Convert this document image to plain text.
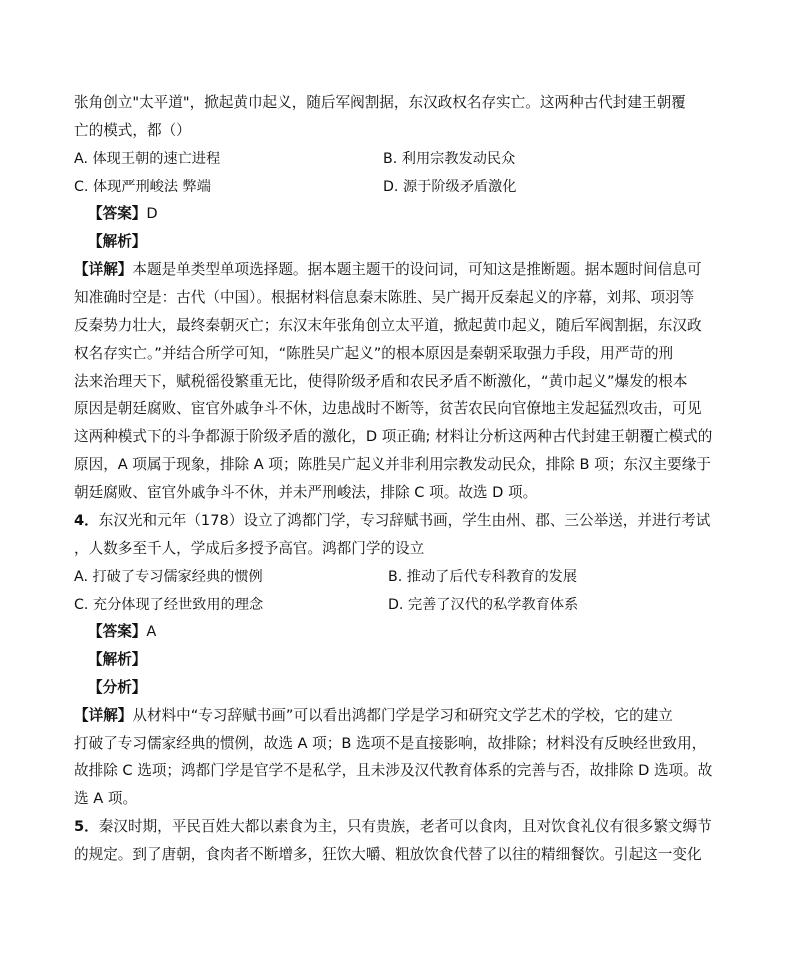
张角创立"太平道"，掀起黄巾起义，随后军阀割据，东汉政权名存实亡。这两种古代封建王朝覆
亡的模式，都（）
A. 体现王朝的速亡进程	B. 利用宗教发动民众
C. 体现严刑峻法 弊端	D. 源于阶级矛盾激化
【答案】D
【解析】
【详解】本题是单类型单项选择题。据本题主题干的设问词，可知这是推断题。据本题时间信息可
知准确时空是：古代（中国）。根据材料信息秦末陈胜、吴广揭开反秦起义的序幕，刘邦、项羽等
反秦势力壮大，最终秦朝灭亡；东汉末年张角创立太平道，掀起黄巾起义，随后军阀割据，东汉政
权名存实亡。”并结合所学可知，“陈胜吴广起义”的根本原因是秦朝采取强力手段，用严苛的刑
法来治理天下，赋税徭役繁重无比，使得阶级矛盾和农民矛盾不断激化，“黄巾起义”爆发的根本
原因是朝廷腐败、宦官外戚争斗不休，边患战时不断等，贫苦农民向官僚地主发起猛烈攻击，可见
这两种模式下的斗争都源于阶级矛盾的激化，D 项正确; 材料让分析这两种古代封建王朝覆亡模式的
原因，A 项属于现象，排除 A 项；陈胜吴广起义并非利用宗教发动民众，排除 B 项；东汉主要缘于
朝廷腐败、宦官外戚争斗不休，并未严刑峻法，排除 C 项。故选 D 项。
4．东汉光和元年（178）设立了鸿都门学，专习辞赋书画，学生由州、郡、三公举送，并进行考试
，人数多至千人，学成后多授予高官。鸿都门学的设立
A. 打破了专习儒家经典的惯例	B. 推动了后代专科教育的发展
C. 充分体现了经世致用的理念	D. 完善了汉代的私学教育体系
【答案】A
【解析】
【分析】
【详解】从材料中“专习辞赋书画”可以看出鸿都门学是学习和研究文学艺术的学校，它的建立
打破了专习儒家经典的惯例，故选 A 项；B 选项不是直接影响，故排除；材料没有反映经世致用，
故排除 C 选项；鸿都门学是官学不是私学，且未涉及汉代教育体系的完善与否，故排除 D 选项。故
选 A 项。
5．秦汉时期，平民百姓大都以素食为主，只有贵族，老者可以食肉，且对饮食礼仪有很多繁文缛节
的规定。到了唐朝，食肉者不断增多，狂饮大嚼、粗放饮食代替了以往的精细餐饮。引起这一变化
